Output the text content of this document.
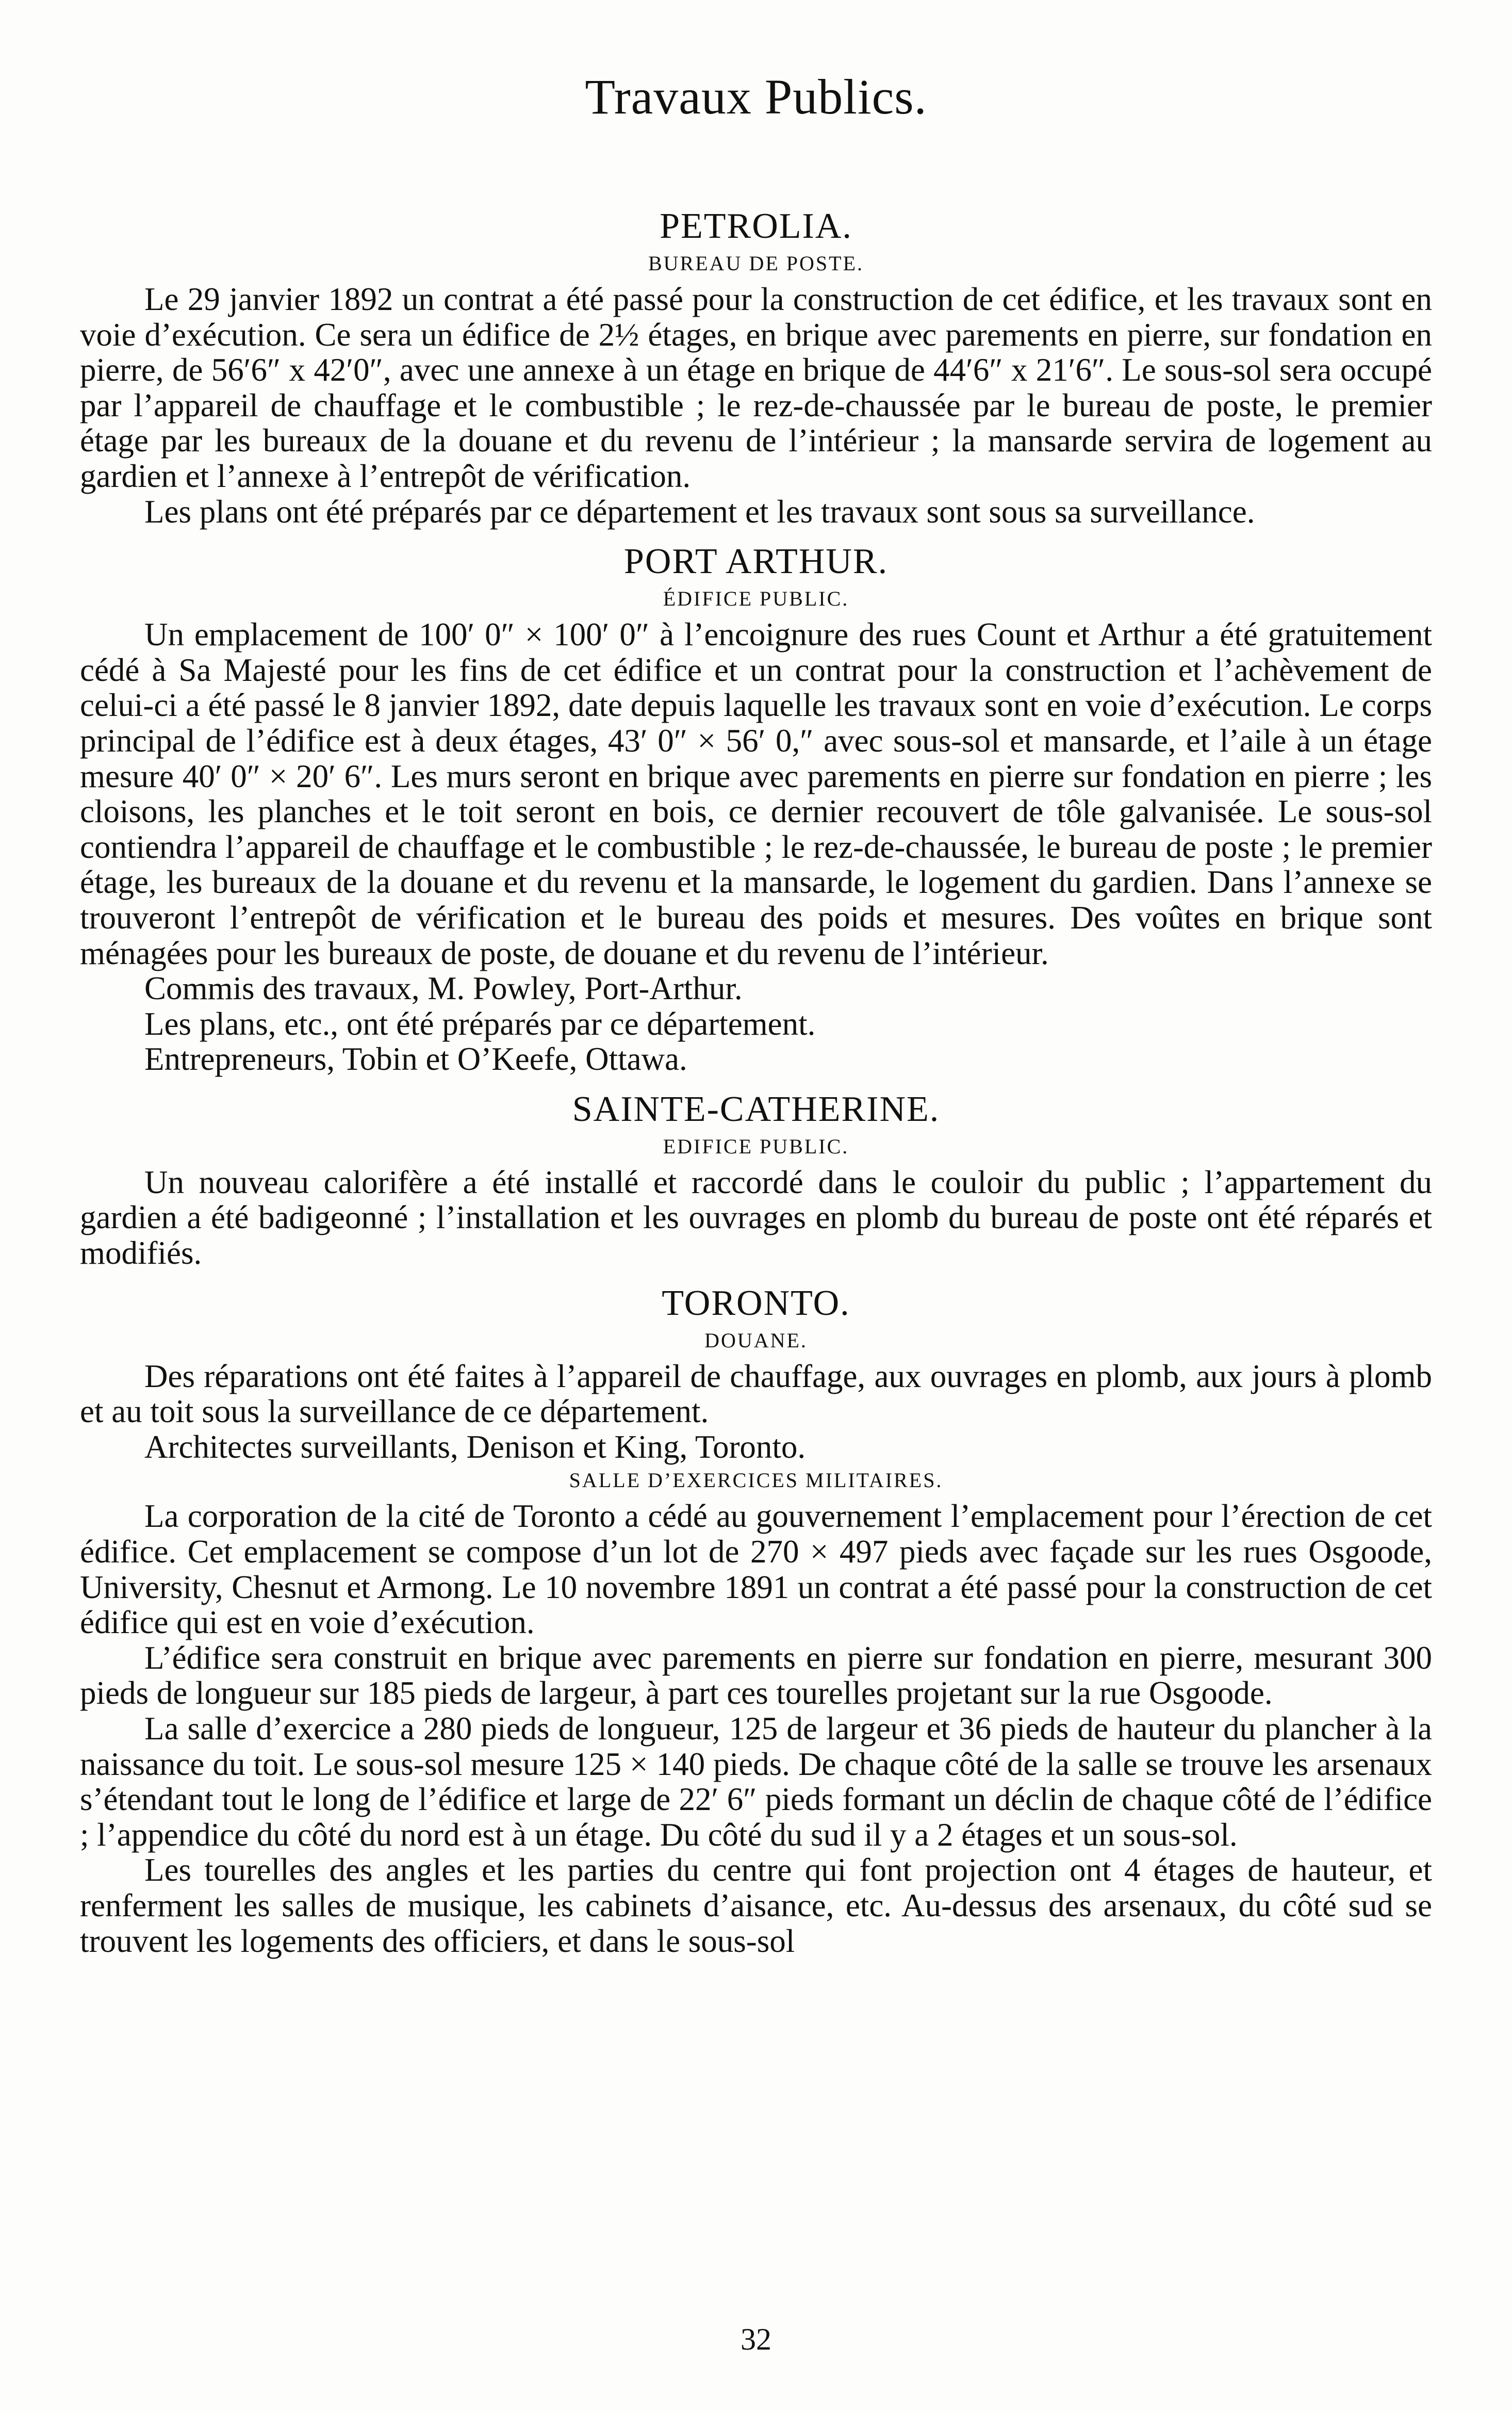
Travaux Publics.
PETROLIA.
BUREAU DE POSTE.

Le 29 janvier 1892 un contrat a été passé pour la construction de cet édifice, et les travaux sont en voie d’exécution. Ce sera un édifice de 2½ étages, en brique avec parements en pierre, sur fondation en pierre, de 56′6″ x 42′0″, avec une annexe à un étage en brique de 44′6″ x 21′6″. Le sous-sol sera occupé par l’appareil de chauffage et le combustible ; le rez-de-chaussée par le bureau de poste, le premier étage par les bureaux de la douane et du revenu de l’intérieur ; la mansarde servira de logement au gardien et l’annexe à l’entrepôt de vérification.

Les plans ont été préparés par ce département et les travaux sont sous sa surveillance.

PORT ARTHUR.
ÉDIFICE PUBLIC.

Un emplacement de 100′ 0″ × 100′ 0″ à l’encoignure des rues Count et Arthur a été gratuitement cédé à Sa Majesté pour les fins de cet édifice et un contrat pour la construction et l’achèvement de celui-ci a été passé le 8 janvier 1892, date depuis laquelle les travaux sont en voie d’exécution. Le corps principal de l’édifice est à deux étages, 43′ 0″ × 56′ 0,″ avec sous-sol et mansarde, et l’aile à un étage mesure 40′ 0″ × 20′ 6″. Les murs seront en brique avec parements en pierre sur fondation en pierre ; les cloisons, les planches et le toit seront en bois, ce dernier recouvert de tôle galvanisée. Le sous-sol contiendra l’appareil de chauffage et le combustible ; le rez-de-chaussée, le bureau de poste ; le premier étage, les bureaux de la douane et du revenu et la mansarde, le logement du gardien. Dans l’annexe se trouveront l’entrepôt de vérification et le bureau des poids et mesures. Des voûtes en brique sont ménagées pour les bureaux de poste, de douane et du revenu de l’intérieur.

Commis des travaux, M. Powley, Port-Arthur.

Les plans, etc., ont été préparés par ce département.

Entrepreneurs, Tobin et O’Keefe, Ottawa.

SAINTE-CATHERINE.
EDIFICE PUBLIC.

Un nouveau calorifère a été installé et raccordé dans le couloir du public ; l’appartement du gardien a été badigeonné ; l’installation et les ouvrages en plomb du bureau de poste ont été réparés et modifiés.

TORONTO.
DOUANE.

Des réparations ont été faites à l’appareil de chauffage, aux ouvrages en plomb, aux jours à plomb et au toit sous la surveillance de ce département.

Architectes surveillants, Denison et King, Toronto.

SALLE D’EXERCICES MILITAIRES.

La corporation de la cité de Toronto a cédé au gouvernement l’emplacement pour l’érection de cet édifice. Cet emplacement se compose d’un lot de 270 × 497 pieds avec façade sur les rues Osgoode, University, Chesnut et Armong. Le 10 novembre 1891 un contrat a été passé pour la construction de cet édifice qui est en voie d’exécution.

L’édifice sera construit en brique avec parements en pierre sur fondation en pierre, mesurant 300 pieds de longueur sur 185 pieds de largeur, à part ces tourelles projetant sur la rue Osgoode.

La salle d’exercice a 280 pieds de longueur, 125 de largeur et 36 pieds de hauteur du plancher à la naissance du toit. Le sous-sol mesure 125 × 140 pieds. De chaque côté de la salle se trouve les arsenaux s’étendant tout le long de l’édifice et large de 22′ 6″ pieds formant un déclin de chaque côté de l’édifice ; l’appendice du côté du nord est à un étage. Du côté du sud il y a 2 étages et un sous-sol.

Les tourelles des angles et les parties du centre qui font projection ont 4 étages de hauteur, et renferment les salles de musique, les cabinets d’aisance, etc. Au-dessus des arsenaux, du côté sud se trouvent les logements des officiers, et dans le sous-sol

32
